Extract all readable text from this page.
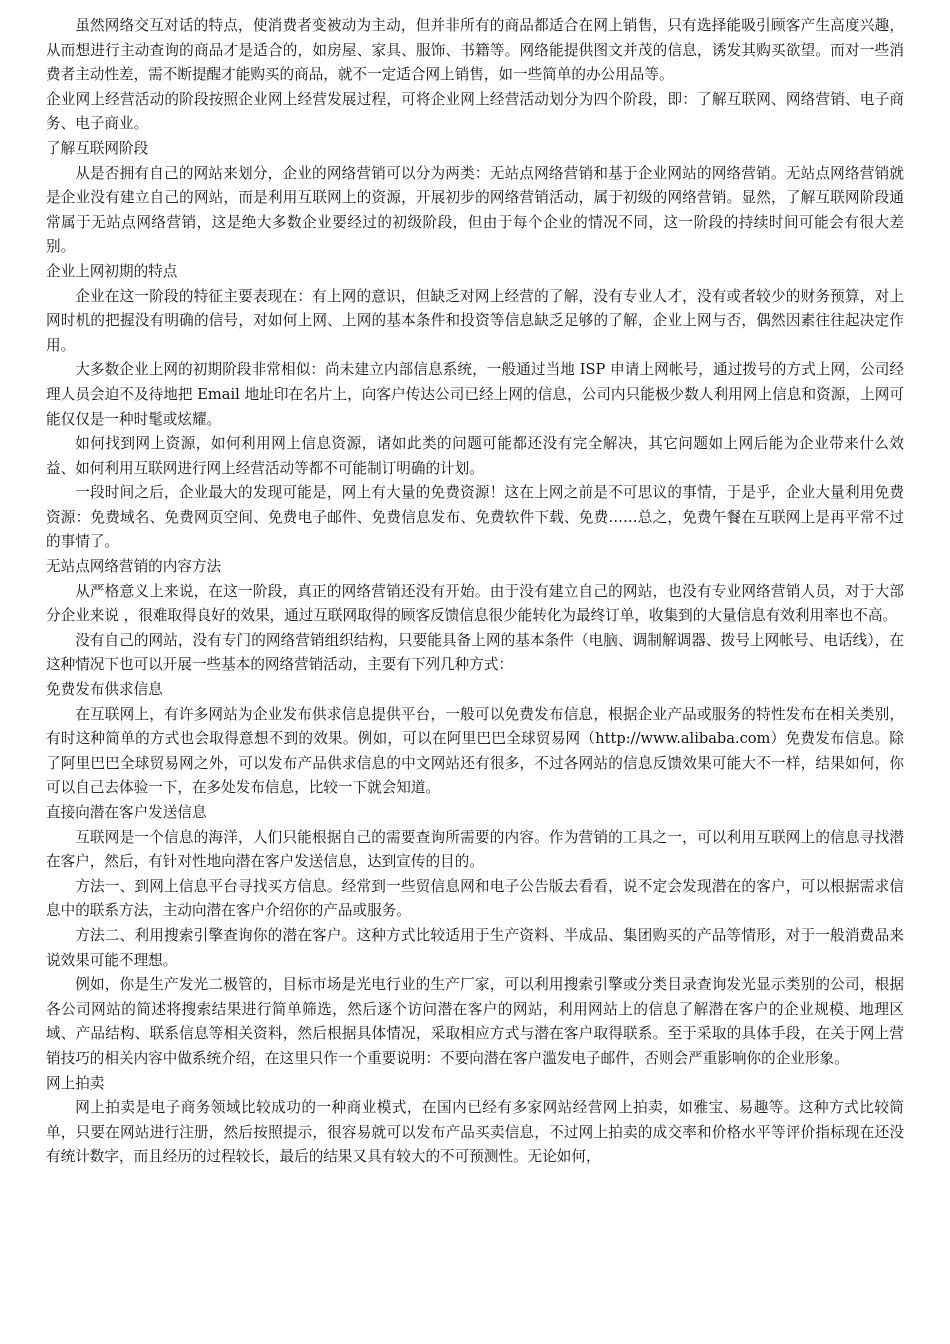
虽然网络交互对话的特点，使消费者变被动为主动，但并非所有的商品都适合在网上销售，只有选择能吸引顾客产生高度兴趣，从而想进行主动查询的商品才是适合的，如房屋、家具、服饰、书籍等。网络能提供图文并茂的信息，诱发其购买欲望。而对一些消费者主动性差，需不断提醒才能购买的商品，就不一定适合网上销售，如一些简单的办公用品等。

企业网上经营活动的阶段按照企业网上经营发展过程，可将企业网上经营活动划分为四个阶段，即：了解互联网、网络营销、电子商务、电子商业。

了解互联网阶段

从是否拥有自己的网站来划分，企业的网络营销可以分为两类：无站点网络营销和基于企业网站的网络营销。无站点网络营销就是企业没有建立自己的网站，而是利用互联网上的资源，开展初步的网络营销活动，属于初级的网络营销。显然，了解互联网阶段通常属于无站点网络营销，这是绝大多数企业要经过的初级阶段，但由于每个企业的情况不同，这一阶段的持续时间可能会有很大差别。

企业上网初期的特点

企业在这一阶段的特征主要表现在：有上网的意识，但缺乏对网上经营的了解，没有专业人才，没有或者较少的财务预算，对上网时机的把握没有明确的信号，对如何上网、上网的基本条件和投资等信息缺乏足够的了解，企业上网与否，偶然因素往往起决定作用。

大多数企业上网的初期阶段非常相似：尚未建立内部信息系统，一般通过当地 ISP 申请上网帐号，通过拨号的方式上网，公司经理人员会迫不及待地把 Email 地址印在名片上，向客户传达公司已经上网的信息，公司内只能极少数人利用网上信息和资源，上网可能仅仅是一种时髦或炫耀。

如何找到网上资源，如何利用网上信息资源，诸如此类的问题可能都还没有完全解决，其它问题如上网后能为企业带来什么效益、如何利用互联网进行网上经营活动等都不可能制订明确的计划。

一段时间之后，企业最大的发现可能是，网上有大量的免费资源！这在上网之前是不可思议的事情，于是乎，企业大量利用免费资源：免费域名、免费网页空间、免费电子邮件、免费信息发布、免费软件下载、免费……总之，免费午餐在互联网上是再平常不过的事情了。

无站点网络营销的内容方法

从严格意义上来说，在这一阶段，真正的网络营销还没有开始。由于没有建立自己的网站，也没有专业网络营销人员，对于大部分企业来说 ，很难取得良好的效果，通过互联网取得的顾客反馈信息很少能转化为最终订单，收集到的大量信息有效利用率也不高。

没有自己的网站，没有专门的网络营销组织结构，只要能具备上网的基本条件（电脑、调制解调器、拨号上网帐号、电话线），在这种情况下也可以开展一些基本的网络营销活动，主要有下列几种方式：

免费发布供求信息

在互联网上，有许多网站为企业发布供求信息提供平台，一般可以免费发布信息，根据企业产品或服务的特性发布在相关类别，有时这种简单的方式也会取得意想不到的效果。例如，可以在阿里巴巴全球贸易网（http://www.alibaba.com）免费发布信息。除了阿里巴巴全球贸易网之外，可以发布产品供求信息的中文网站还有很多，不过各网站的信息反馈效果可能大不一样，结果如何，你可以自己去体验一下，在多处发布信息，比较一下就会知道。

直接向潜在客户发送信息

互联网是一个信息的海洋，人们只能根据自己的需要查询所需要的内容。作为营销的工具之一，可以利用互联网上的信息寻找潜在客户，然后，有针对性地向潜在客户发送信息，达到宣传的目的。

方法一、到网上信息平台寻找买方信息。经常到一些贸信息网和电子公告版去看看，说不定会发现潜在的客户，可以根据需求信息中的联系方法，主动向潜在客户介绍你的产品或服务。

方法二、利用搜索引擎查询你的潜在客户。这种方式比较适用于生产资料、半成品、集团购买的产品等情形，对于一般消费品来说效果可能不理想。

例如，你是生产发光二极管的，目标市场是光电行业的生产厂家，可以利用搜索引擎或分类目录查询发光显示类别的公司，根据各公司网站的简述将搜索结果进行简单筛选，然后逐个访问潜在客户的网站，利用网站上的信息了解潜在客户的企业规模、地理区域、产品结构、联系信息等相关资料，然后根据具体情况，采取相应方式与潜在客户取得联系。至于采取的具体手段，在关于网上营销技巧的相关内容中做系统介绍，在这里只作一个重要说明：不要向潜在客户滥发电子邮件，否则会严重影响你的企业形象。

网上拍卖

网上拍卖是电子商务领域比较成功的一种商业模式，在国内已经有多家网站经营网上拍卖，如雅宝、易趣等。这种方式比较简单，只要在网站进行注册，然后按照提示，很容易就可以发布产品买卖信息，不过网上拍卖的成交率和价格水平等评价指标现在还没有统计数字，而且经历的过程较长，最后的结果又具有较大的不可预测性。无论如何，
